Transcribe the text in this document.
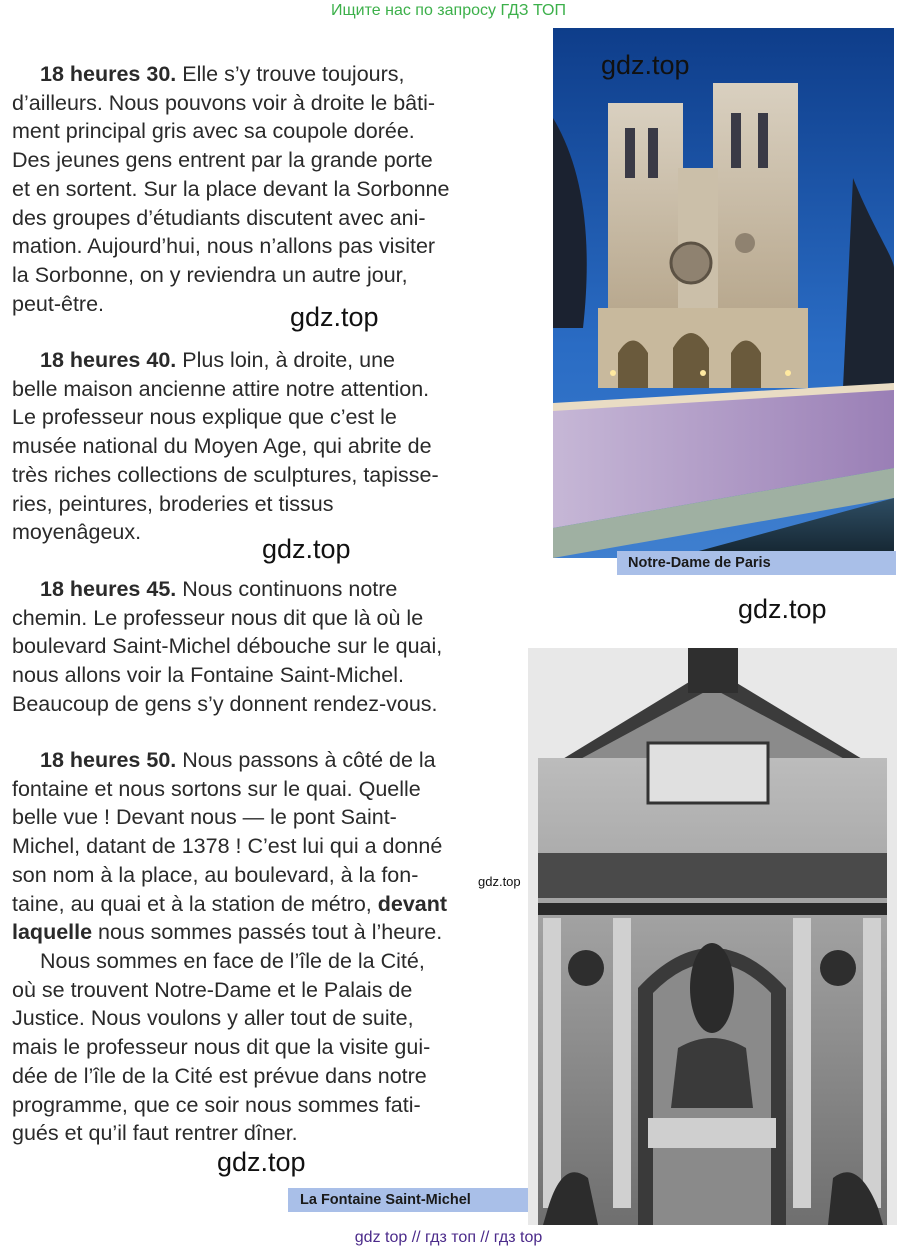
Ищите нас по запросу ГДЗ ТОП

18 heures 30. Elle s’y trouve toujours,
d’ailleurs. Nous pouvons voir à droite le bâti-
ment principal gris avec sa coupole dorée.
Des jeunes gens entrent par la grande porte
et en sortent. Sur la place devant la Sorbonne
des groupes d’étudiants discutent avec ani-
mation. Aujourd’hui, nous n’allons pas visiter
la Sorbonne, on y reviendra un autre jour,
peut-être.	gdz.top

18 heures 40. Plus loin, à droite, une
belle maison ancienne attire notre attention.
Le professeur nous explique que c’est le
musée national du Moyen Age, qui abrite de
très riches collections de sculptures, tapisse-
ries, peintures, broderies et tissus
moyenâgeux.

gdz.top

18 heures 45. Nous continuons notre
chemin. Le professeur nous dit que là où le
boulevard Saint-Michel débouche sur le quai,
nous allons voir la Fontaine Saint-Michel.
Beaucoup de gens s’y donnent rendez-vous.

gdz.top

18 heures 50. Nous passons à côté de la
fontaine et nous sortons sur le quai. Quelle
belle vue ! Devant nous — le pont Saint-
Michel, datant de 1378 ! C’est lui qui a donné
son nom à la place, au boulevard, à la fon-
taine, au quai et à la station de métro, devant
laquelle nous sommes passés tout à l’heure.

gdz.top

Nous sommes en face de l’île de la Cité,
où se trouvent Notre-Dame et le Palais de
Justice. Nous voulons y aller tout de suite,
mais le professeur nous dit que la visite gui-
dée de l’île de la Cité est prévue dans notre
programme, que ce soir nous sommes fati-
gués et qu’il faut rentrer dîner.

gdz.top
gdz.top
Notre-Dame de Paris
La Fontaine Saint-Michel
gdz top // гдз топ // гдз top
